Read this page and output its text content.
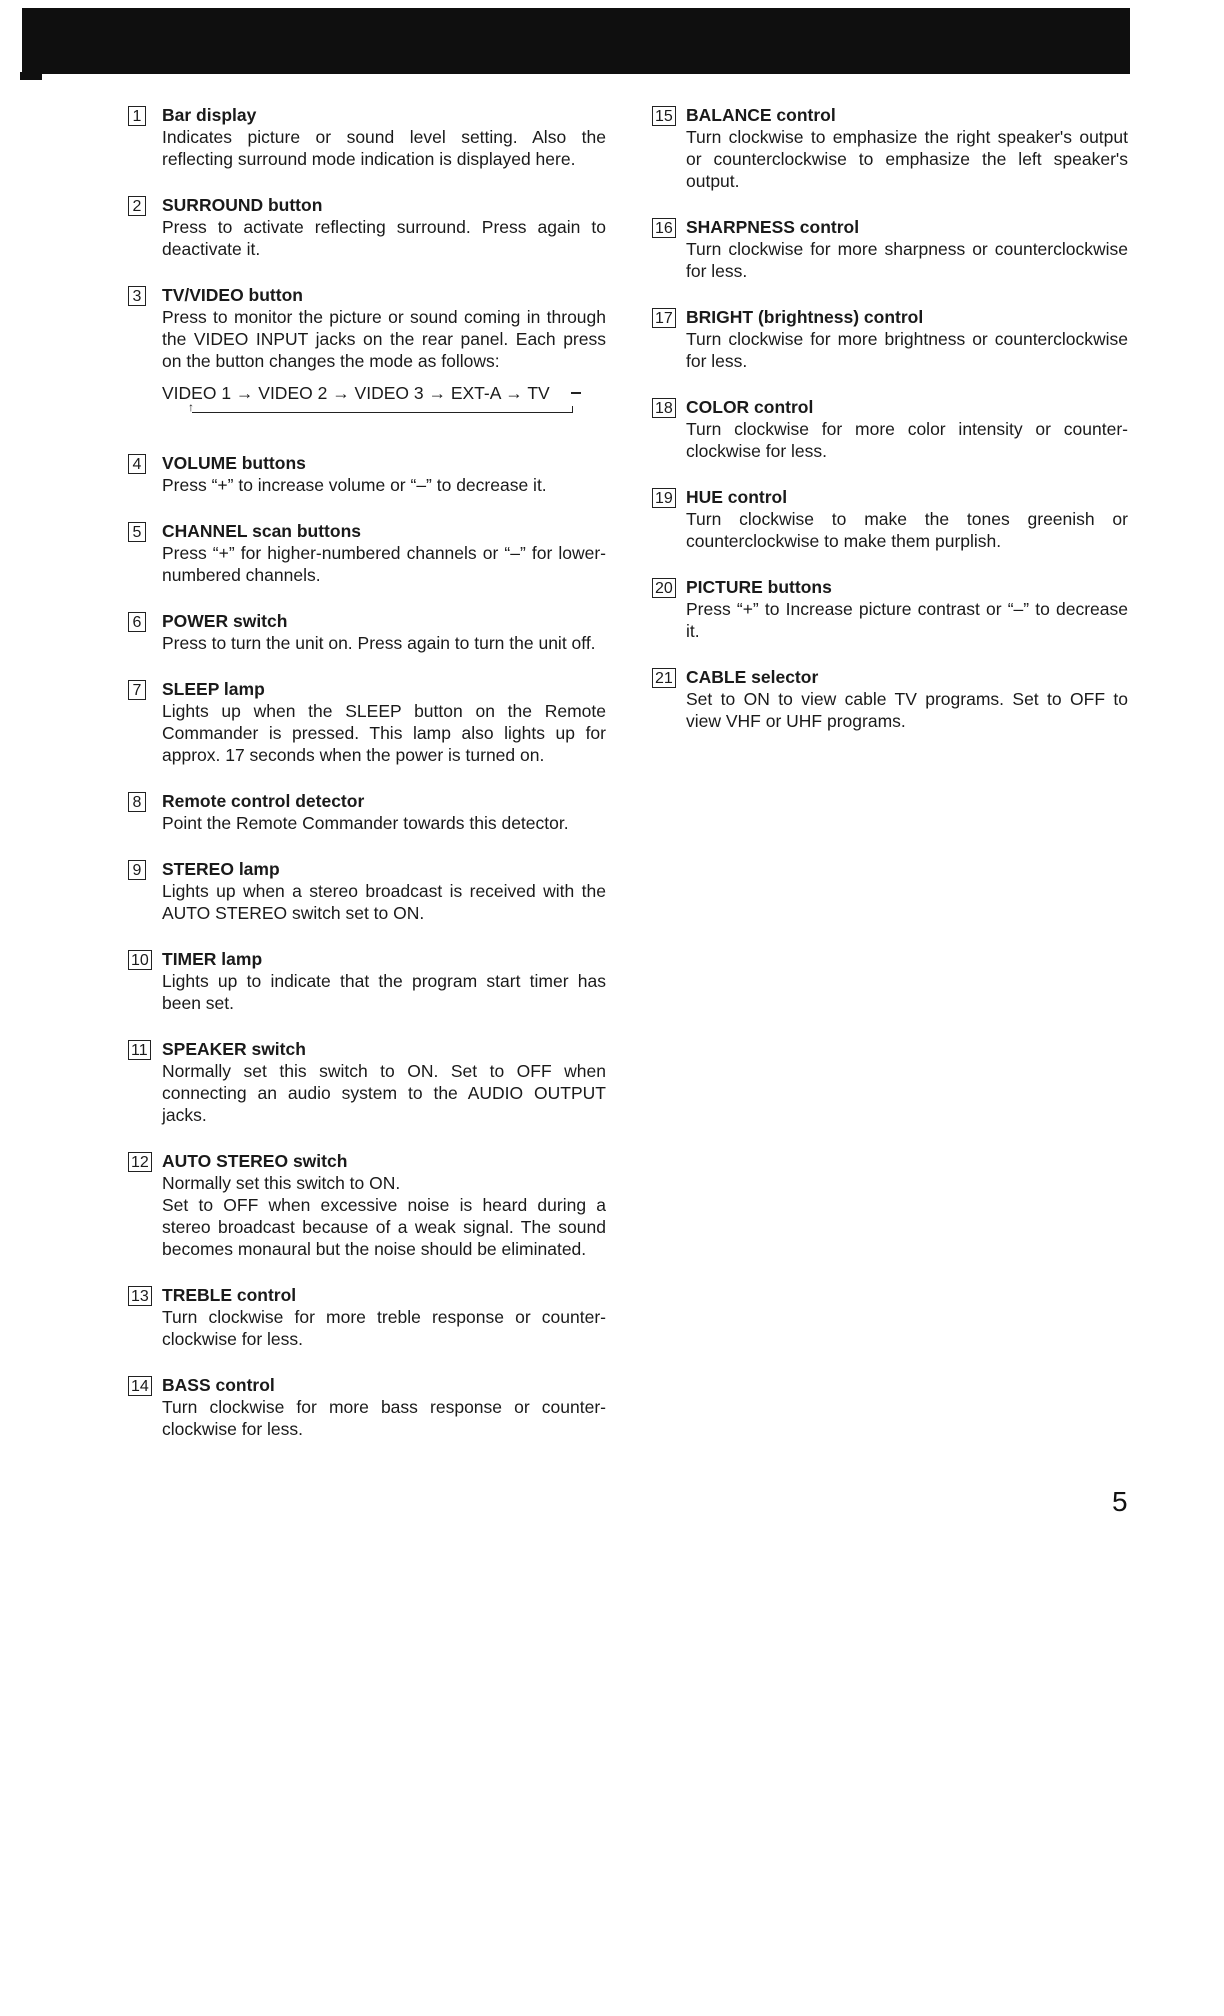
1 Bar display

Indicates picture or sound level setting. Also the reflecting surround mode indication is displayed here.

2 SURROUND button

Press to activate reflecting surround. Press again to deactivate it.

3 TV/VIDEO button

Press to monitor the picture or sound coming in through the VIDEO INPUT jacks on the rear panel. Each press on the button changes the mode as follows:

VIDEO 1 → VIDEO 2 → VIDEO 3 → EXT-A → TV
↑
4 VOLUME buttons

Press “+” to increase volume or “–” to decrease it.

5 CHANNEL scan buttons

Press “+” for higher-numbered channels or “–” for lower-numbered channels.

6 POWER switch

Press to turn the unit on. Press again to turn the unit off.

7 SLEEP lamp

Lights up when the SLEEP button on the Remote Commander is pressed. This lamp also lights up for approx. 17 seconds when the power is turned on.

8 Remote control detector

Point the Remote Commander towards this detector.

9 STEREO lamp

Lights up when a stereo broadcast is received with the AUTO STEREO switch set to ON.

10 TIMER lamp

Lights up to indicate that the program start timer has been set.

11 SPEAKER switch

Normally set this switch to ON. Set to OFF when connecting an audio system to the AUDIO OUTPUT jacks.

12 AUTO STEREO switch

Normally set this switch to ON.

Set to OFF when excessive noise is heard during a stereo broadcast because of a weak signal. The sound becomes monaural but the noise should be eliminated.

13 TREBLE control

Turn clockwise for more treble response or counter-clockwise for less.

14 BASS control

Turn clockwise for more bass response or counter-clockwise for less.

15 BALANCE control

Turn clockwise to emphasize the right speaker's output or counterclockwise to emphasize the left speaker's output.

16 SHARPNESS control

Turn clockwise for more sharpness or counterclockwise for less.

17 BRIGHT (brightness) control

Turn clockwise for more brightness or counterclockwise for less.

18 COLOR control

Turn clockwise for more color intensity or counter-clockwise for less.

19 HUE control

Turn clockwise to make the tones greenish or counterclockwise to make them purplish.

20 PICTURE buttons

Press “+” to Increase picture contrast or “–” to decrease it.

21 CABLE selector

Set to ON to view cable TV programs. Set to OFF to view VHF or UHF programs.

5
